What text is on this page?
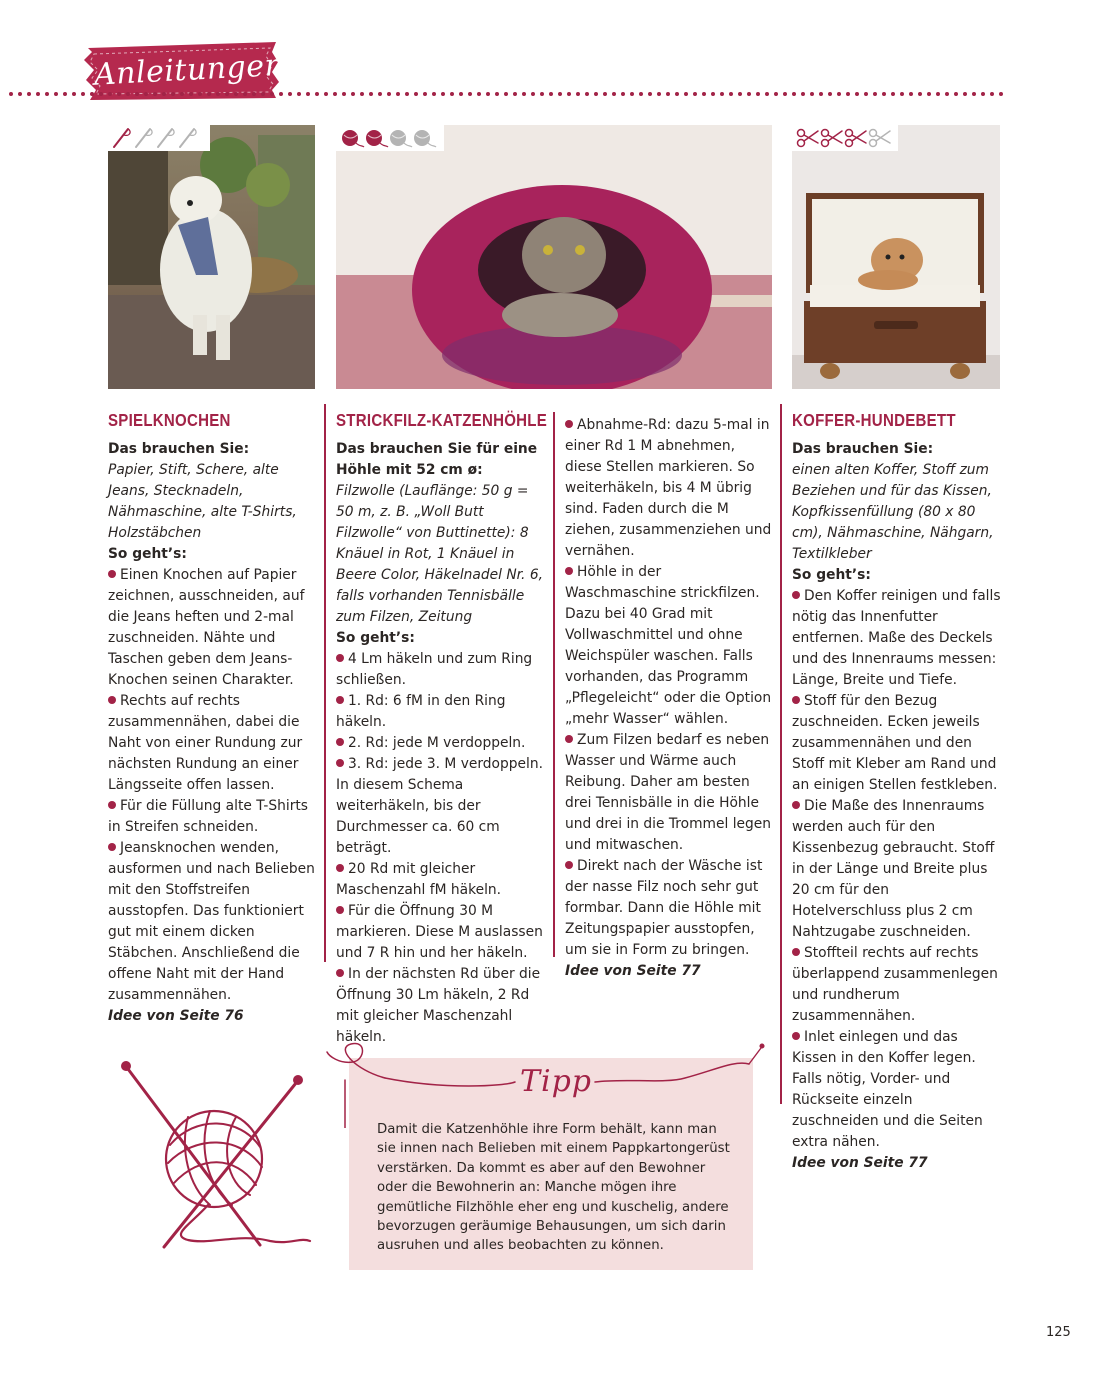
Anleitungen
SPIELKNOCHEN

Das brauchen Sie:

Papier, Stift, Schere, alte Jeans, Stecknadeln, Nähmaschine, alte T-Shirts, Holzstäbchen

So geht’s:

Einen Knochen auf Papier zeichnen, ausschneiden, auf die Jeans heften und 2-mal zuschneiden. Nähte und Taschen geben dem Jeans-Knochen seinen Charakter.

Rechts auf rechts zusammennähen, dabei die Naht von einer Rundung zur nächsten Rundung an einer Längsseite offen lassen.

Für die Füllung alte T-Shirts in Streifen schneiden.

Jeansknochen wenden, ausformen und nach Belieben mit den Stoffstreifen ausstopfen. Das funktioniert gut mit einem dicken Stäbchen. Anschließend die offene Naht mit der Hand zusammennähen.

Idee von Seite 76

STRICKFILZ-KATZENHÖHLE

Das brauchen Sie für eine Höhle mit 52 cm ø:

Filzwolle (Lauflänge: 50 g = 50 m, z. B. „Woll Butt Filzwolle“ von Buttinette): 8 Knäuel in Rot, 1 Knäuel in Beere Color, Häkelnadel Nr. 6, falls vorhanden Tennisbälle zum Filzen, Zeitung

So geht’s:

4 Lm häkeln und zum Ring schließen.

1. Rd: 6 fM in den Ring häkeln.

2. Rd: jede M verdoppeln.

3. Rd: jede 3. M verdoppeln.

In diesem Schema weiterhäkeln, bis der Durchmesser ca. 60 cm beträgt.

20 Rd mit gleicher Maschenzahl fM häkeln.

Für die Öffnung 30 M markieren. Diese M auslassen und 7 R hin und her häkeln.

In der nächsten Rd über die Öffnung 30 Lm häkeln, 2 Rd mit gleicher Maschenzahl häkeln.

Abnahme-Rd: dazu 5-mal in einer Rd 1 M abnehmen, diese Stellen markieren. So weiterhäkeln, bis 4 M übrig sind. Faden durch die M ziehen, zusammenziehen und vernähen.

Höhle in der Waschmaschine strickfilzen. Dazu bei 40 Grad mit Vollwaschmittel und ohne Weichspüler waschen. Falls vorhanden, das Programm „Pflegeleicht“ oder die Option „mehr Wasser“ wählen.

Zum Filzen bedarf es neben Wasser und Wärme auch Reibung. Daher am besten drei Tennisbälle in die Höhle und drei in die Trommel legen und mitwaschen.

Direkt nach der Wäsche ist der nasse Filz noch sehr gut formbar. Dann die Höhle mit Zeitungspapier ausstopfen, um sie in Form zu bringen.

Idee von Seite 77

KOFFER-HUNDEBETT

Das brauchen Sie:

einen alten Koffer, Stoff zum Beziehen und für das Kissen, Kopfkissenfüllung (80 x 80 cm), Nähmaschine, Nähgarn, Textilkleber

So geht’s:

Den Koffer reinigen und falls nötig das Innenfutter entfernen. Maße des Deckels und des Innenraums messen: Länge, Breite und Tiefe.

Stoff für den Bezug zuschneiden. Ecken jeweils zusammennähen und den Stoff mit Kleber am Rand und an einigen Stellen festkleben.

Die Maße des Innenraums werden auch für den Kissenbezug gebraucht. Stoff in der Länge und Breite plus 20 cm für den Hotelverschluss plus 2 cm Nahtzugabe zuschneiden.

Stoffteil rechts auf rechts überlappend zusammenlegen und rundherum zusammennähen.

Inlet einlegen und das Kissen in den Koffer legen. Falls nötig, Vorder- und Rückseite einzeln zuschneiden und die Seiten extra nähen.

Idee von Seite 77

Tipp
Damit die Katzenhöhle ihre Form behält, kann man sie innen nach Belieben mit einem Pappkartongerüst verstärken. Da kommt es aber auf den Bewohner oder die Bewohnerin an: Manche mögen ihre gemütliche Filzhöhle eher eng und kuschelig, andere bevorzugen geräumige Behausungen, um sich darin ausruhen und alles beobachten zu können.
125
